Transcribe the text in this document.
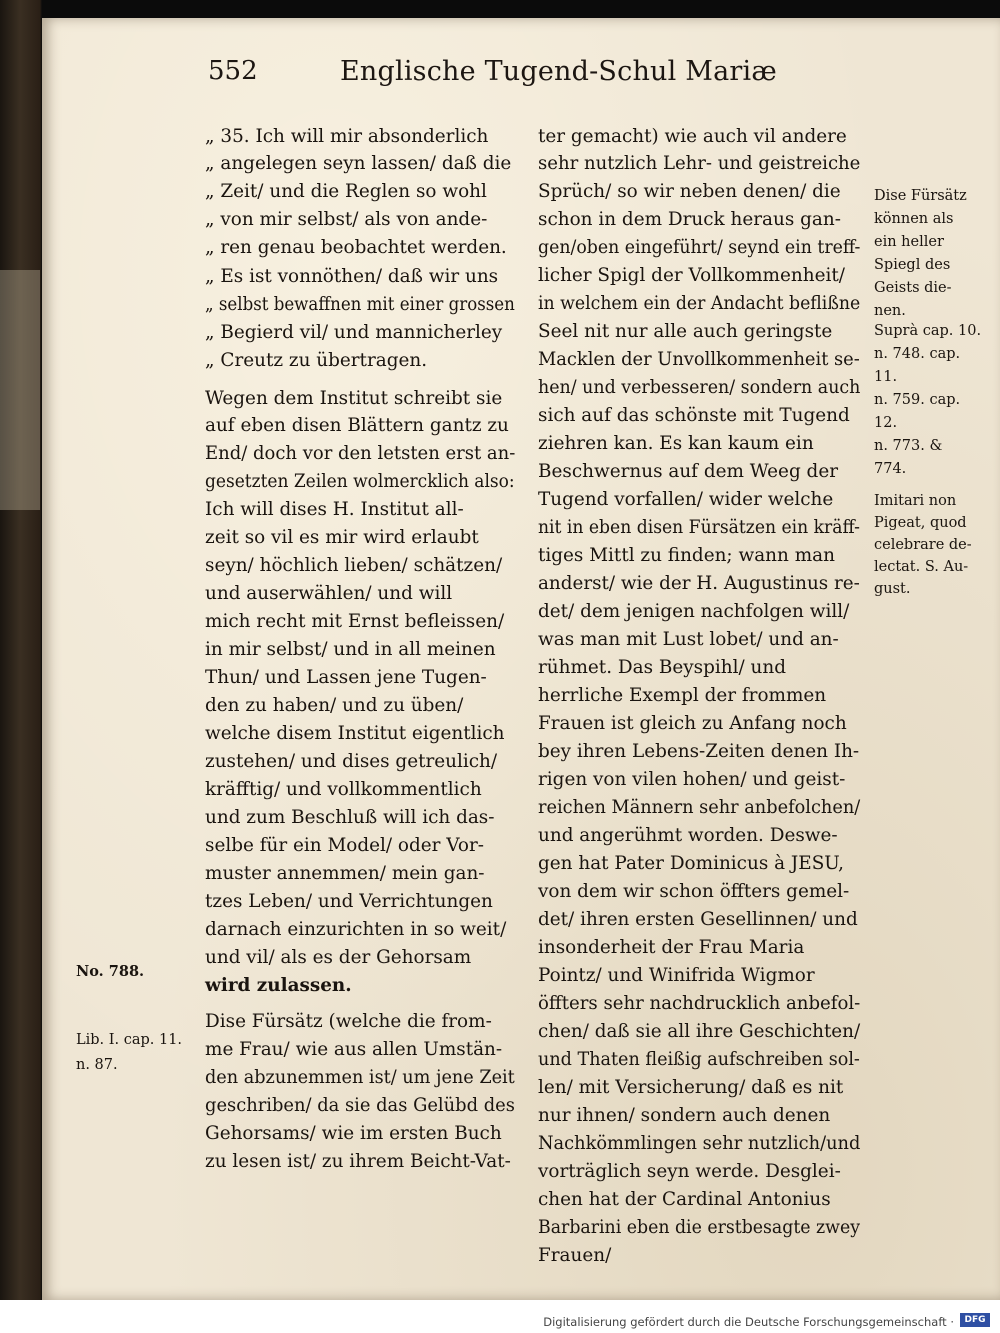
552	Englische Tugend-Schul Mariæ
„ 35. Ich will mir absonderlich
„ angelegen seyn lassen/ daß die
„ Zeit/ und die Reglen so wohl
„ von mir selbst/ als von ande-
„ ren genau beobachtet werden.
„ Es ist vonnöthen/ daß wir uns
„ selbst bewaffnen mit einer grossen
„ Begierd vil/ und mannicherley
„ Creutz zu übertragen.
Wegen dem Institut schreibt sie
auf eben disen Blättern gantz zu
End/ doch vor den letsten erst an-
gesetzten Zeilen wolmercklich also:
Ich will dises H. Institut all-
zeit so vil es mir wird erlaubt
seyn/ höchlich lieben/ schätzen/
und auserwählen/ und will
mich recht mit Ernst befleissen/
in mir selbst/ und in all meinen
Thun/ und Lassen jene Tugen-
den zu haben/ und zu üben/
welche disem Institut eigentlich
zustehen/ und dises getreulich/
kräfftig/ und vollkommentlich
und zum Beschluß will ich das-
selbe für ein Model/ oder Vor-
muster annemmen/ mein gan-
tzes Leben/ und Verrichtungen
darnach einzurichten in so weit/
und vil/ als es der Gehorsam
wird zulassen.
Dise Fürsätz (welche die from-
me Frau/ wie aus allen Umstän-
den abzunemmen ist/ um jene Zeit
geschriben/ da sie das Gelübd des
Gehorsams/ wie im ersten Buch
zu lesen ist/ zu ihrem Beicht-Vat-
ter gemacht) wie auch vil andere
sehr nutzlich Lehr- und geistreiche
Sprüch/ so wir neben denen/ die
schon in dem Druck heraus gan-
gen/oben eingeführt/ seynd ein treff-
licher Spigl der Vollkommenheit/
in welchem ein der Andacht beflißne
Seel nit nur alle auch geringste
Macklen der Unvollkommenheit se-
hen/ und verbesseren/ sondern auch
sich auf das schönste mit Tugend
ziehren kan. Es kan kaum ein
Beschwernus auf dem Weeg der
Tugend vorfallen/ wider welche
nit in eben disen Fürsätzen ein kräff-
tiges Mittl zu finden; wann man
anderst/ wie der H. Augustinus re-
det/ dem jenigen nachfolgen will/
was man mit Lust lobet/ und an-
rühmet. Das Beyspihl/ und
herrliche Exempl der frommen
Frauen ist gleich zu Anfang noch
bey ihren Lebens-Zeiten denen Ih-
rigen von vilen hohen/ und geist-
reichen Männern sehr anbefolchen/
und angerühmt worden. Deswe-
gen hat Pater Dominicus à JESU,
von dem wir schon öffters gemel-
det/ ihren ersten Gesellinnen/ und
insonderheit der Frau Maria
Pointz/ und Winifrida Wigmor
öffters sehr nachdrucklich anbefol-
chen/ daß sie all ihre Geschichten/
und Thaten fleißig aufschreiben sol-
len/ mit Versicherung/ daß es nit
nur ihnen/ sondern auch denen
Nachkömmlingen sehr nutzlich/und
vorträglich seyn werde. Desglei-
chen hat der Cardinal Antonius
Barbarini eben die erstbesagte zwey
Frauen/
Dise Fürsätz
können als
ein heller
Spiegl des
Geists die-
nen.
Suprà cap. 10.
n. 748. cap.
11.
n. 759. cap.
12.
n. 773. &
774.
Imitari non
Pigeat, quod
celebrare de-
lectat. S. Au-
gust.
No. 788.
Lib. I. cap. 11.
n. 87.
Digitalisierung gefördert durch die Deutsche Forschungsgemeinschaft ·	DFG
